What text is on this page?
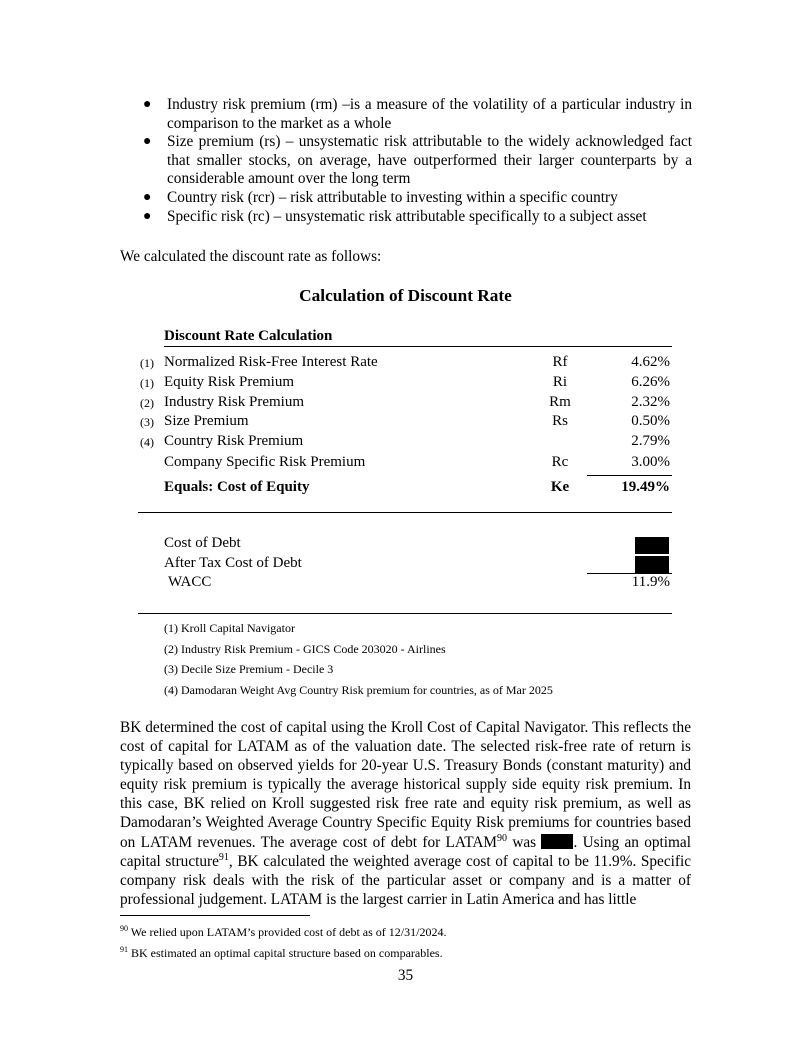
● Industry risk premium (rm) –is a measure of the volatility of a particular industry in comparison to the market as a whole
● Size premium (rs) – unsystematic risk attributable to the widely acknowledged fact that smaller stocks, on average, have outperformed their larger counterparts by a considerable amount over the long term
● Country risk (rcr) – risk attributable to investing within a specific country
● Specific risk (rc) – unsystematic risk attributable specifically to a subject asset

We calculated the discount rate as follows:

Calculation of Discount Rate
Discount Rate Calculation
(1) Normalized Risk-Free Interest Rate	Rf	4.62%
(1) Equity Risk Premium	Ri	6.26%
(2) Industry Risk Premium	Rm	2.32%
(3) Size Premium	Rs	0.50%
(4) Country Risk Premium	2.79%
Company Specific Risk Premium	Rc	3.00%
Equals: Cost of Equity	Ke	19.49%
Cost of Debt
After Tax Cost of Debt
WACC	11.9%
(1) Kroll Capital Navigator
(2) Industry Risk Premium - GICS Code 203020 - Airlines
(3) Decile Size Premium - Decile 3
(4) Damodaran Weight Avg Country Risk premium for countries, as of Mar 2025

BK determined the cost of capital using the Kroll Cost of Capital Navigator. This reflects the cost of capital for LATAM as of the valuation date. The selected risk-free rate of return is typically based on observed yields for 20-year U.S. Treasury Bonds (constant maturity) and equity risk premium is typically the average historical supply side equity risk premium. In this case, BK relied on Kroll suggested risk free rate and equity risk premium, as well as Damodaran’s Weighted Average Country Specific Equity Risk premiums for countries based on LATAM revenues. The average cost of debt for LATAM$^{90}$ was . Using an optimal capital structure$^{91}$, BK calculated the weighted average cost of capital to be 11.9%. Specific company risk deals with the risk of the particular asset or company and is a matter of professional judgement. LATAM is the largest carrier in Latin America and has little

$^{90}$ We relied upon LATAM’s provided cost of debt as of 12/31/2024.
$^{91}$ BK estimated an optimal capital structure based on comparables.
35
